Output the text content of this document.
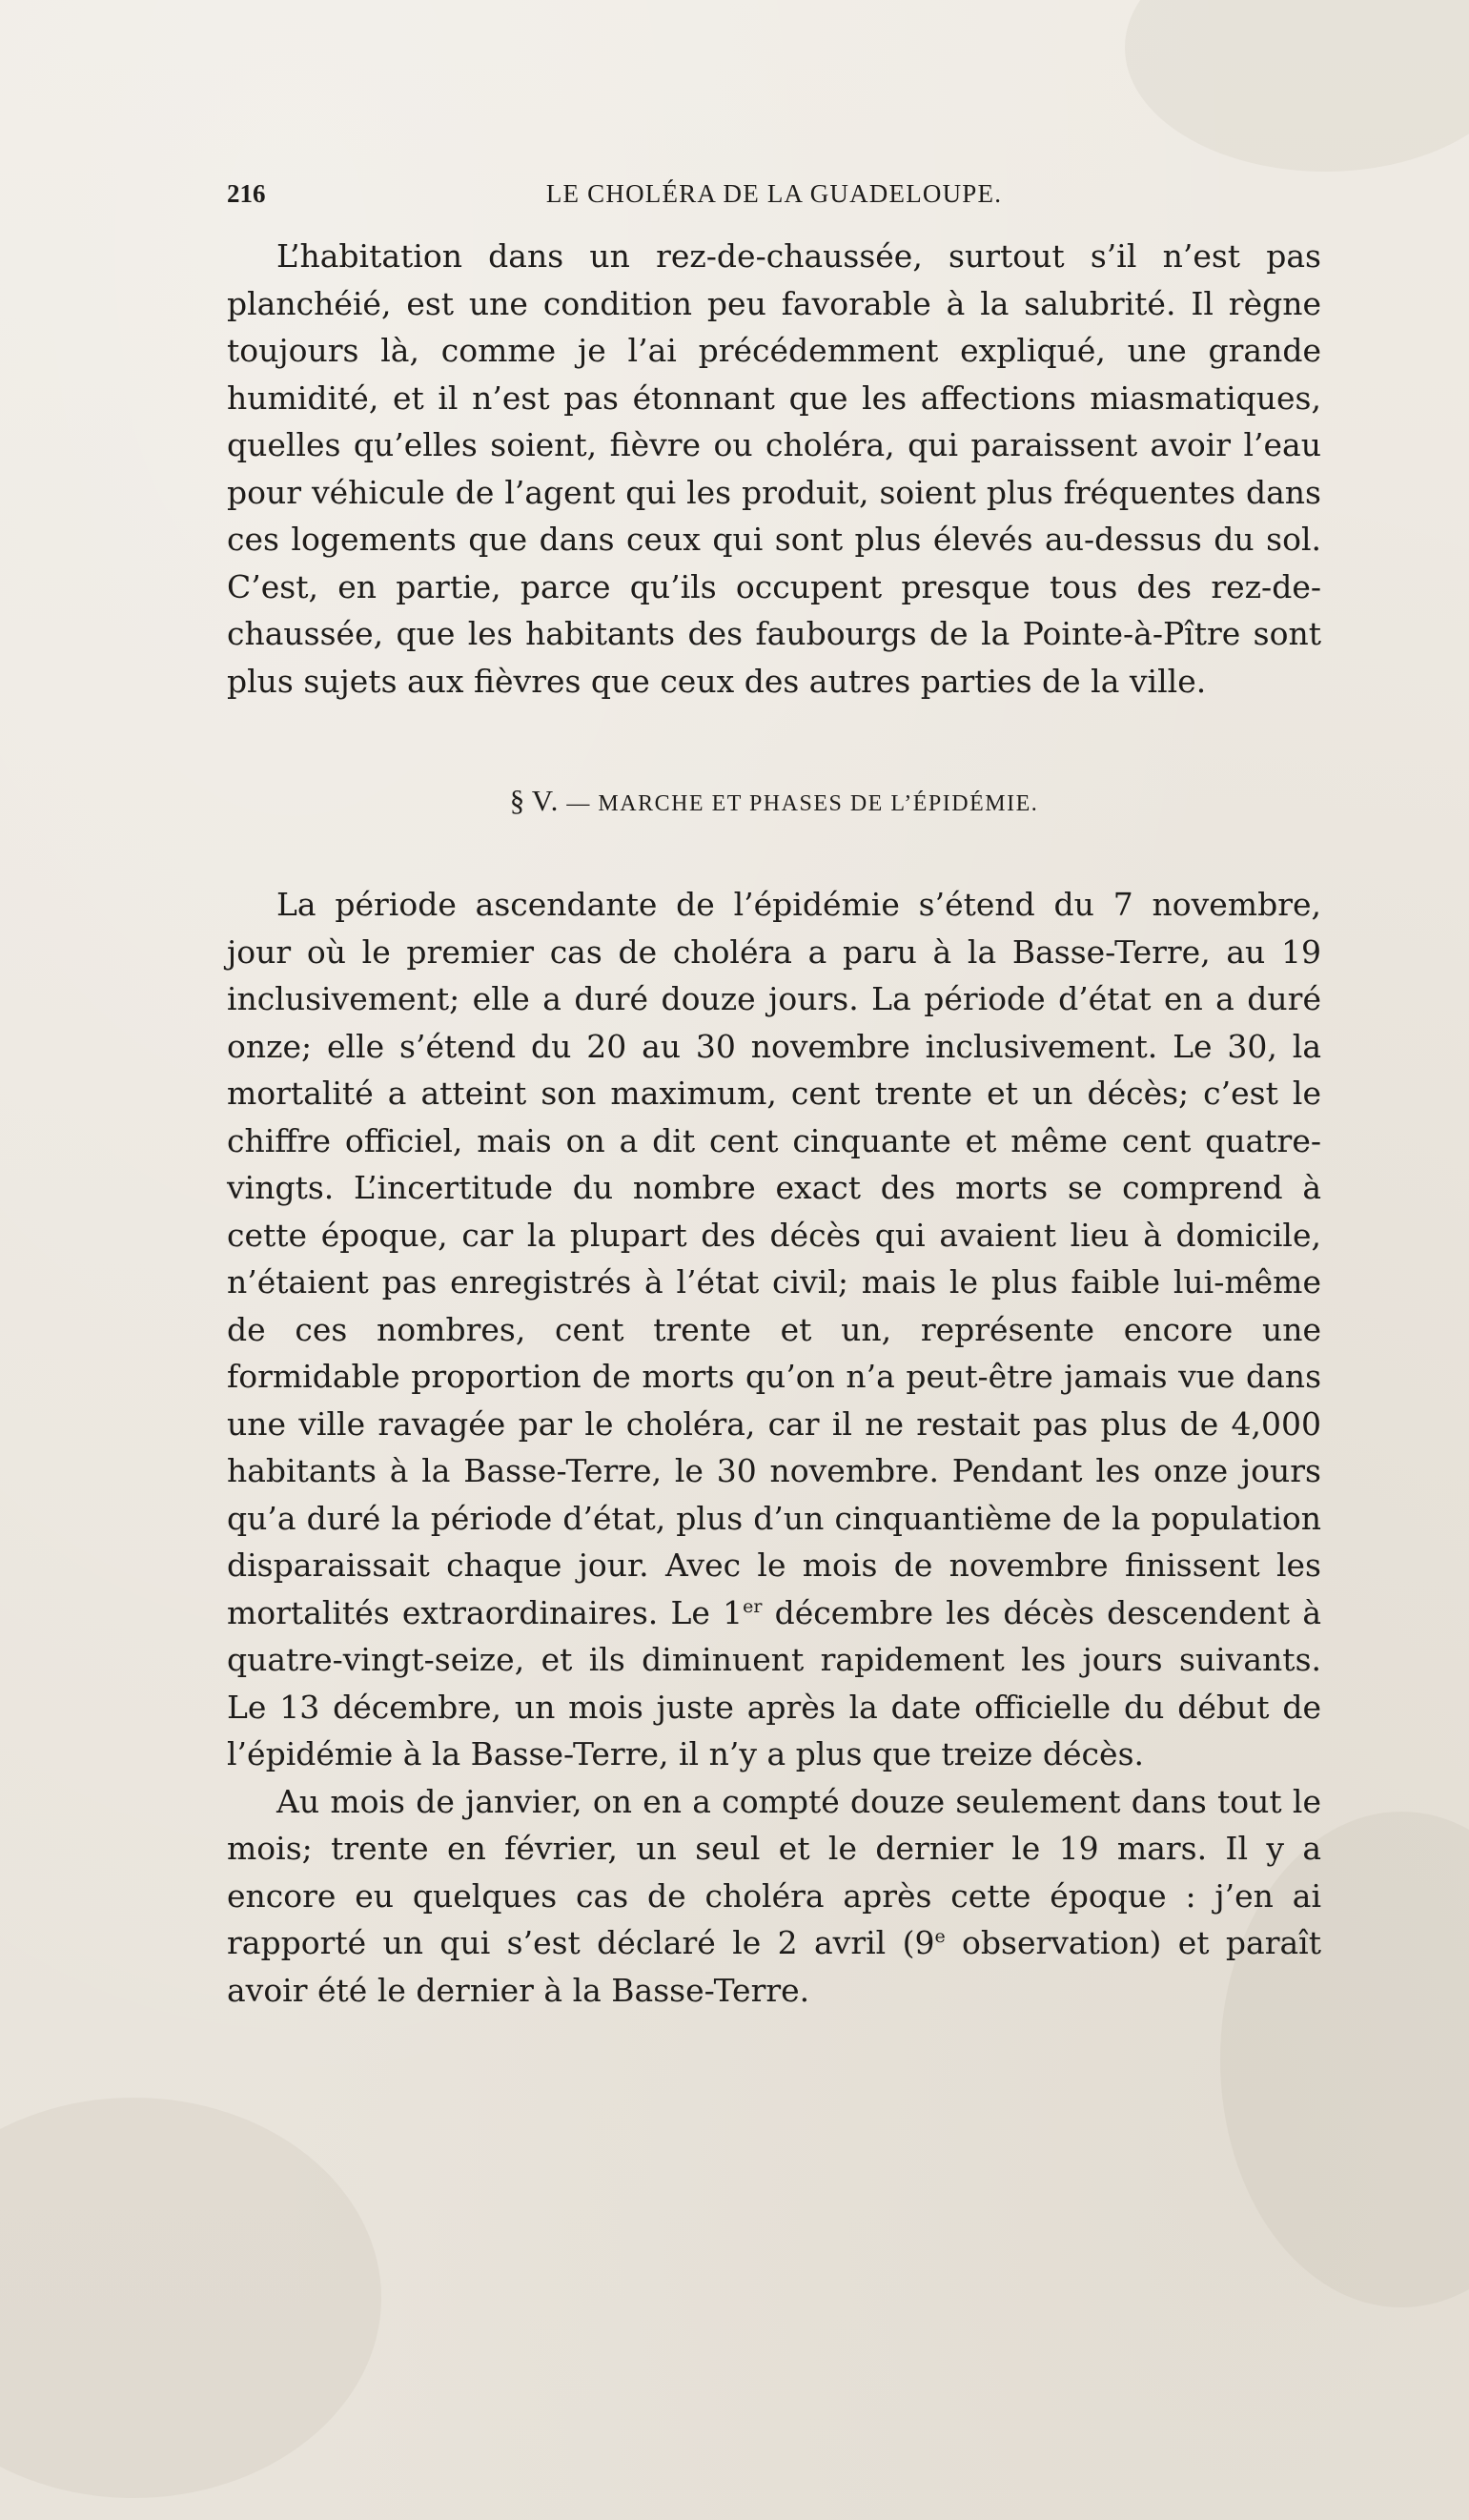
216	LE CHOLÉRA DE LA GUADELOUPE.

L’habitation dans un rez-de-chaussée, surtout s’il n’est pas planchéié, est une condition peu favorable à la salubrité. Il règne toujours là, comme je l’ai précédemment expliqué, une grande humidité, et il n’est pas étonnant que les affections miasmatiques, quelles qu’elles soient, fièvre ou choléra, qui paraissent avoir l’eau pour véhicule de l’agent qui les produit, soient plus fréquentes dans ces logements que dans ceux qui sont plus élevés au-dessus du sol. C’est, en partie, parce qu’ils occupent presque tous des rez-de-chaussée, que les habitants des faubourgs de la Pointe-à-Pître sont plus sujets aux fièvres que ceux des autres parties de la ville.

§ V. — MARCHE ET PHASES DE L’ÉPIDÉMIE.

La période ascendante de l’épidémie s’étend du 7 novembre, jour où le premier cas de choléra a paru à la Basse-Terre, au 19 inclusivement; elle a duré douze jours. La période d’état en a duré onze; elle s’étend du 20 au 30 novembre inclusivement. Le 30, la mortalité a atteint son maximum, cent trente et un décès; c’est le chiffre officiel, mais on a dit cent cinquante et même cent quatre-vingts. L’incertitude du nombre exact des morts se comprend à cette époque, car la plupart des décès qui avaient lieu à domicile, n’étaient pas enregistrés à l’état civil; mais le plus faible lui-même de ces nombres, cent trente et un, représente encore une formidable proportion de morts qu’on n’a peut-être jamais vue dans une ville ravagée par le choléra, car il ne restait pas plus de 4,000 habitants à la Basse-Terre, le 30 novembre. Pendant les onze jours qu’a duré la période d’état, plus d’un cinquantième de la population disparaissait chaque jour. Avec le mois de novembre finissent les mortalités extraordinaires. Le 1er décembre les décès descendent à quatre-vingt-seize, et ils diminuent rapidement les jours suivants. Le 13 décembre, un mois juste après la date officielle du début de l’épidémie à la Basse-Terre, il n’y a plus que treize décès.

Au mois de janvier, on en a compté douze seulement dans tout le mois; trente en février, un seul et le dernier le 19 mars. Il y a encore eu quelques cas de choléra après cette époque : j’en ai rapporté un qui s’est déclaré le 2 avril (9e observation) et paraît avoir été le dernier à la Basse-Terre.
